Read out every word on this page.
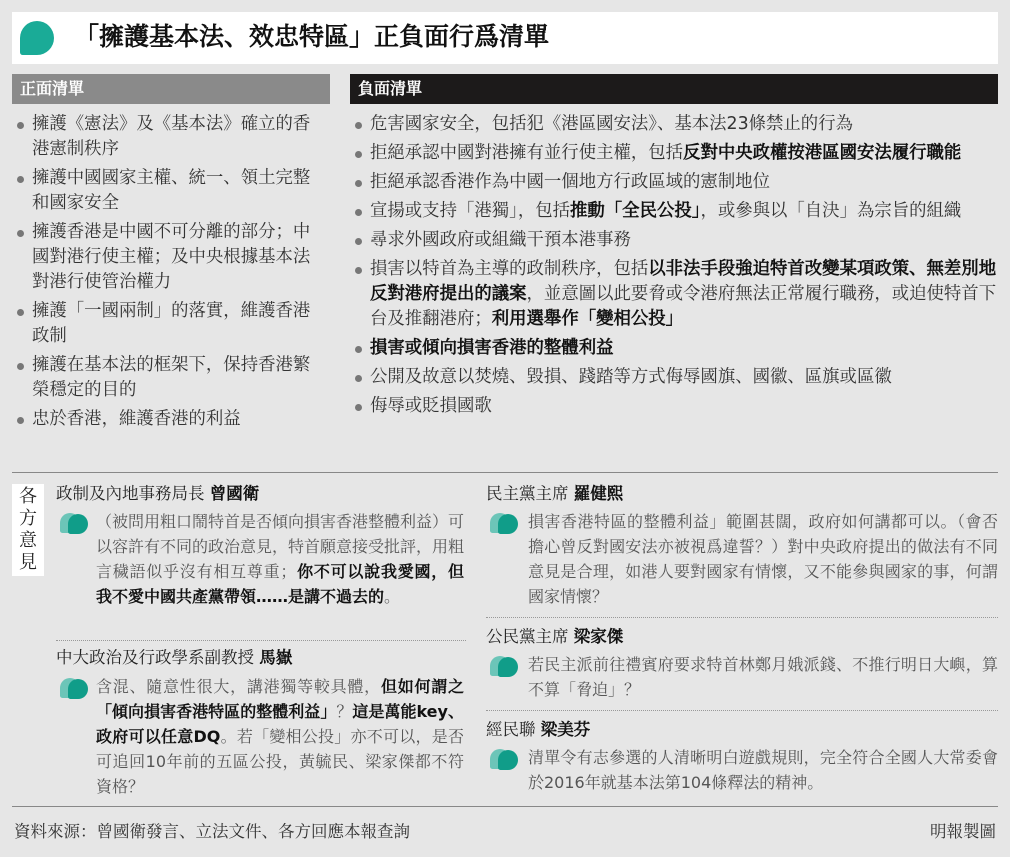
「擁護基本法、效忠特區」正負面行爲清單
正面清單	負面清單
擁護《憲法》及《基本法》確立的香港憲制秩序
擁護中國國家主權、統一、領土完整和國家安全
擁護香港是中國不可分離的部分；中國對港行使主權；及中央根據基本法對港行使管治權力
擁護「一國兩制」的落實，維護香港政制
擁護在基本法的框架下，保持香港繁榮穩定的目的
忠於香港，維護香港的利益
危害國家安全，包括犯《港區國安法》、基本法23條禁止的行為
拒絕承認中國對港擁有並行使主權，包括反對中央政權按港區國安法履行職能
拒絕承認香港作為中國一個地方行政區域的憲制地位
宣揚或支持「港獨」，包括推動「全民公投」，或參與以「自決」為宗旨的組織
尋求外國政府或組織干預本港事務
損害以特首為主導的政制秩序，包括以非法手段強迫特首改變某項政策、無差別地反對港府提出的議案，並意圖以此要脅或令港府無法正常履行職務，或迫使特首下台及推翻港府；利用選舉作「變相公投」
損害或傾向損害香港的整體利益
公開及故意以焚燒、毀損、踐踏等方式侮辱國旗、國徽、區旗或區徽
侮辱或貶損國歌
各方意見
政制及內地事務局長 曾國衛
（被問用粗口鬧特首是否傾向損害香港整體利益）可以容許有不同的政治意見，特首願意接受批評，用粗言穢語似乎沒有相互尊重；你不可以說我愛國，但我不愛中國共產黨帶領……是講不過去的。
中大政治及行政學系副教授 馬嶽
含混、隨意性很大，講港獨等較具體，但如何謂之「傾向損害香港特區的整體利益」？這是萬能key、政府可以任意DQ。若「變相公投」亦不可以，是否可追回10年前的五區公投，黃毓民、梁家傑都不符資格？
民主黨主席 羅健熙
損害香港特區的整體利益」範圍甚闊，政府如何講都可以。（會否擔心曾反對國安法亦被視爲違誓？）對中央政府提出的做法有不同意見是合理，如港人要對國家有情懷，又不能參與國家的事，何謂國家情懷？
公民黨主席 梁家傑
若民主派前往禮賓府要求特首林鄭月娥派錢、不推行明日大嶼，算不算「脅迫」？
經民聯 梁美芬
清單令有志參選的人清晰明白遊戲規則，完全符合全國人大常委會於2016年就基本法第104條釋法的精神。
資料來源：曾國衛發言、立法文件、各方回應本報查詢	明報製圖
